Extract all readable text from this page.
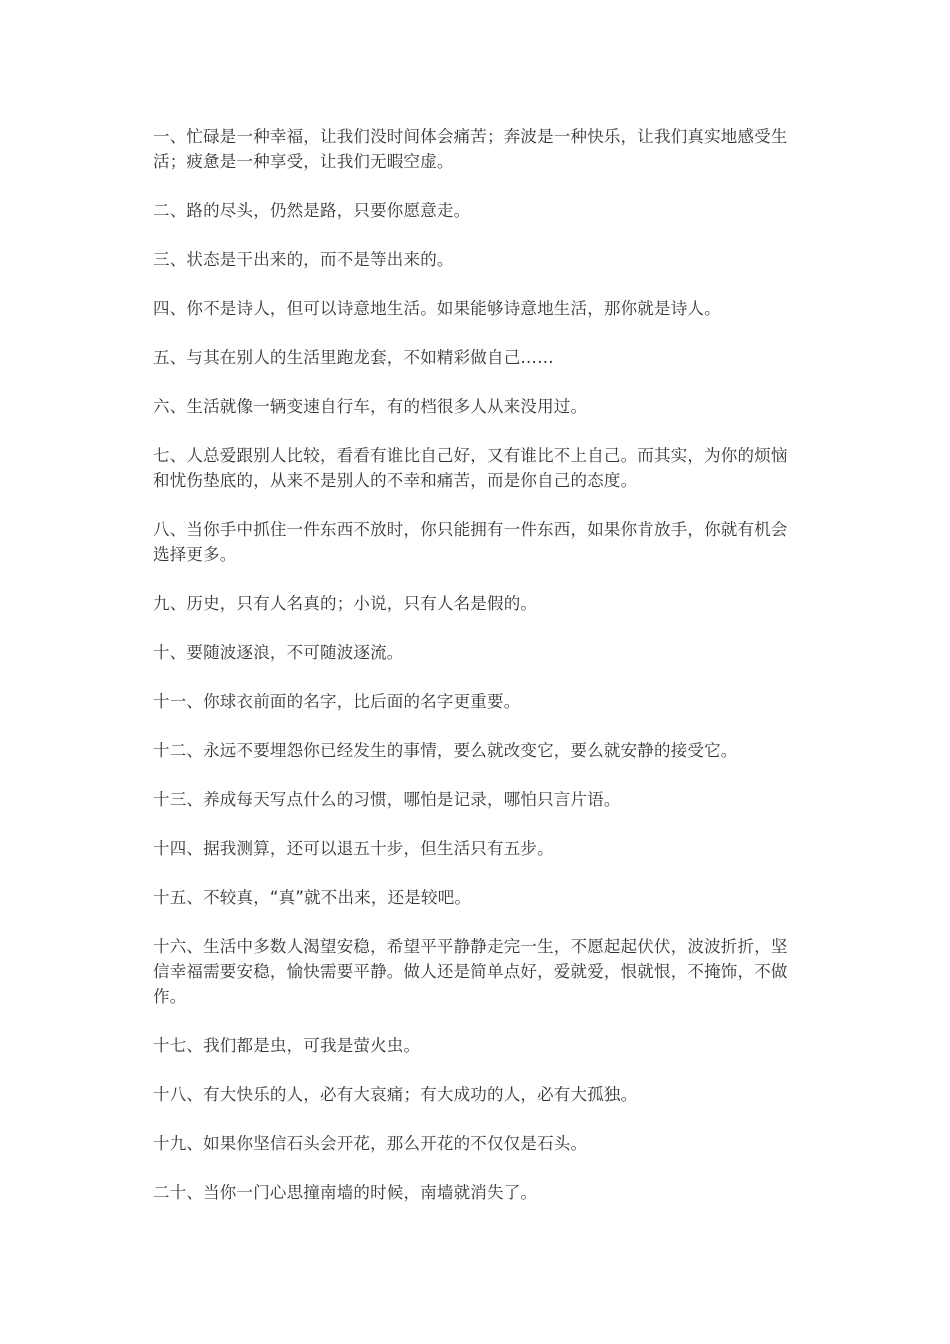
一、忙碌是一种幸福，让我们没时间体会痛苦；奔波是一种快乐，让我们真实地感受生活；疲惫是一种享受，让我们无暇空虚。

二、路的尽头，仍然是路，只要你愿意走。

三、状态是干出来的，而不是等出来的。

四、你不是诗人，但可以诗意地生活。如果能够诗意地生活，那你就是诗人。

五、与其在别人的生活里跑龙套，不如精彩做自己……

六、生活就像一辆变速自行车，有的档很多人从来没用过。

七、人总爱跟别人比较，看看有谁比自己好，又有谁比不上自己。而其实，为你的烦恼和忧伤垫底的，从来不是别人的不幸和痛苦，而是你自己的态度。

八、当你手中抓住一件东西不放时，你只能拥有一件东西，如果你肯放手，你就有机会选择更多。

九、历史，只有人名真的；小说，只有人名是假的。

十、要随波逐浪，不可随波逐流。

十一、你球衣前面的名字，比后面的名字更重要。

十二、永远不要埋怨你已经发生的事情，要么就改变它，要么就安静的接受它。

十三、养成每天写点什么的习惯，哪怕是记录，哪怕只言片语。

十四、据我测算，还可以退五十步，但生活只有五步。

十五、不较真，“真”就不出来，还是较吧。

十六、生活中多数人渴望安稳，希望平平静静走完一生，不愿起起伏伏，波波折折，坚信幸福需要安稳，愉快需要平静。做人还是简单点好，爱就爱，恨就恨，不掩饰，不做作。

十七、我们都是虫，可我是萤火虫。

十八、有大快乐的人，必有大哀痛；有大成功的人，必有大孤独。

十九、如果你坚信石头会开花，那么开花的不仅仅是石头。

二十、当你一门心思撞南墙的时候，南墙就消失了。
